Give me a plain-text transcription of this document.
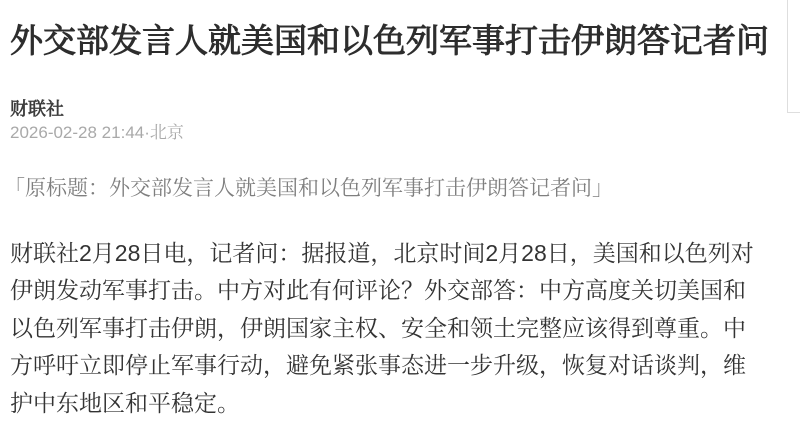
外交部发言人就美国和以色列军事打击伊朗答记者问
财联社
2026-02-28 21:44·北京

「原标题：外交部发言人就美国和以色列军事打击伊朗答记者问」

财联社2月28日电，记者问：据报道，北京时间2月28日，美国和以色列对伊朗发动军事打击。中方对此有何评论？外交部答：中方高度关切美国和以色列军事打击伊朗，伊朗国家主权、安全和领土完整应该得到尊重。中方呼吁立即停止军事行动，避免紧张事态进一步升级，恢复对话谈判，维护中东地区和平稳定。
